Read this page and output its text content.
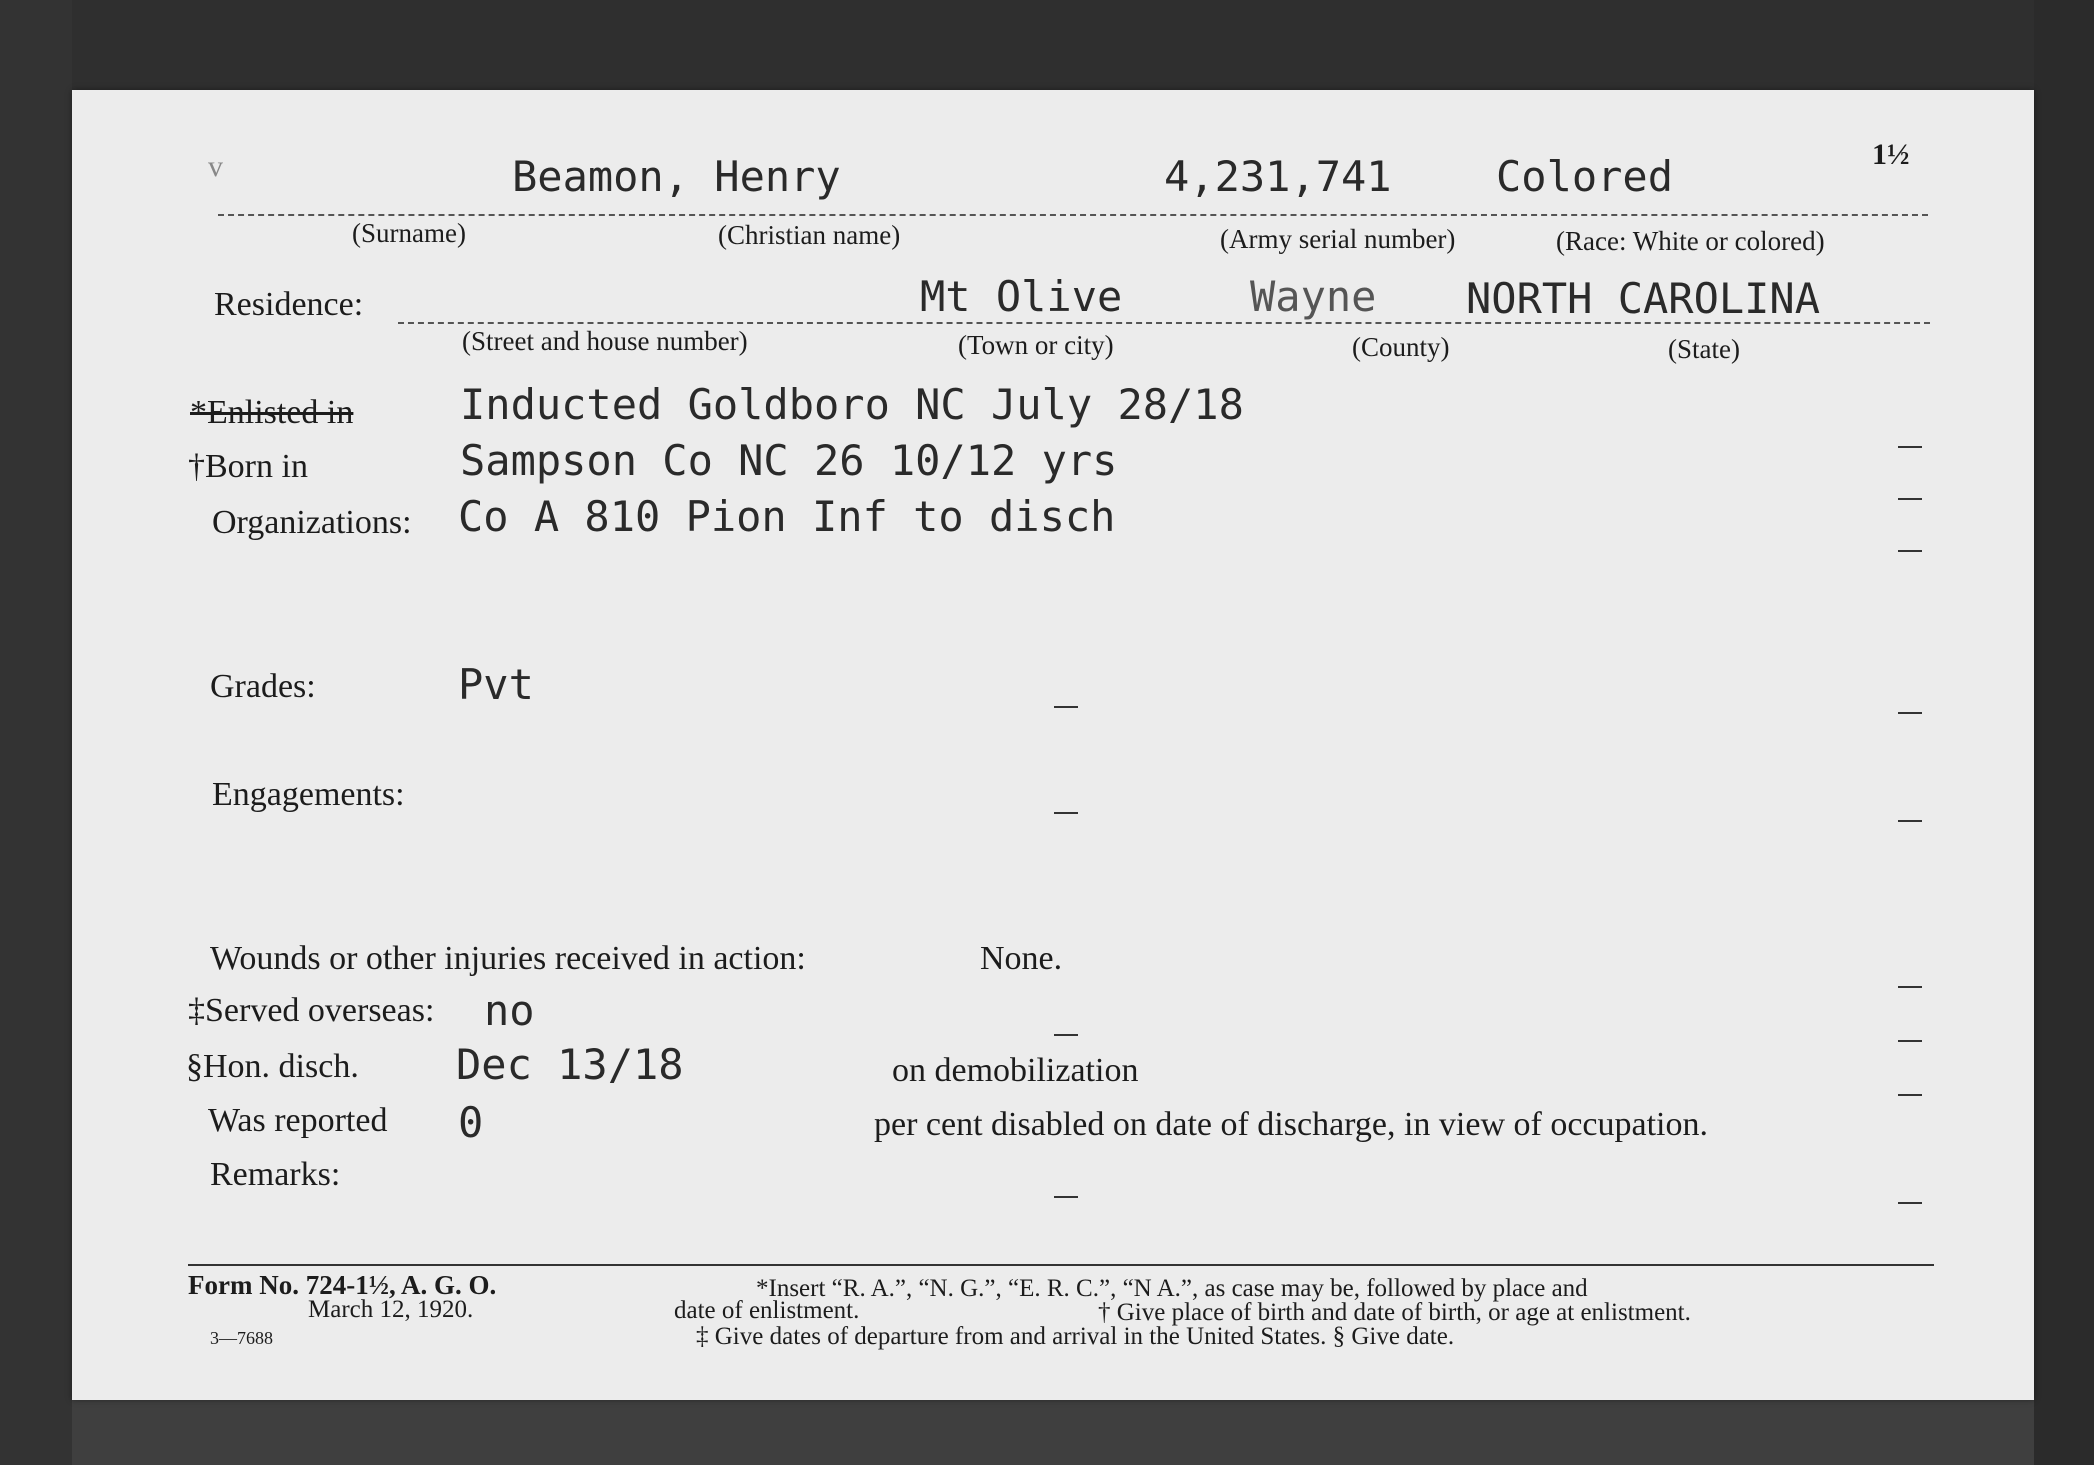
v	1½
Beamon, Henry	4,231,741 Colored
(Surname)	(Christian name)	(Army serial number)	(Race: White or colored)
Residence:	Mt Olive	Wayne NORTH CAROLINA
(Street and house number)	(Town or city)	(County)	(State)
*Enlisted in	Inducted Goldboro NC July 28/18
†Born in	Sampson Co NC 26 10/12 yrs
Organizations: Co A 810 Pion Inf to disch
Grades:	Pvt
Engagements:
Wounds or other injuries received in action:	None.
‡Served overseas: no
§Hon. disch. Dec 13/18	on demobilization
Was reported 0	per cent disabled on date of discharge, in view of occupation.
Remarks:
Form No. 724-1½, A. G. O.
March 12, 1920.
3—7688
*Insert “R. A.”, “N. G.”, “E. R. C.”, “N A.”, as case may be, followed by place and
date of enlistment.	† Give place of birth and date of birth, or age at enlistment.
‡ Give dates of departure from and arrival in the United States. § Give date.
